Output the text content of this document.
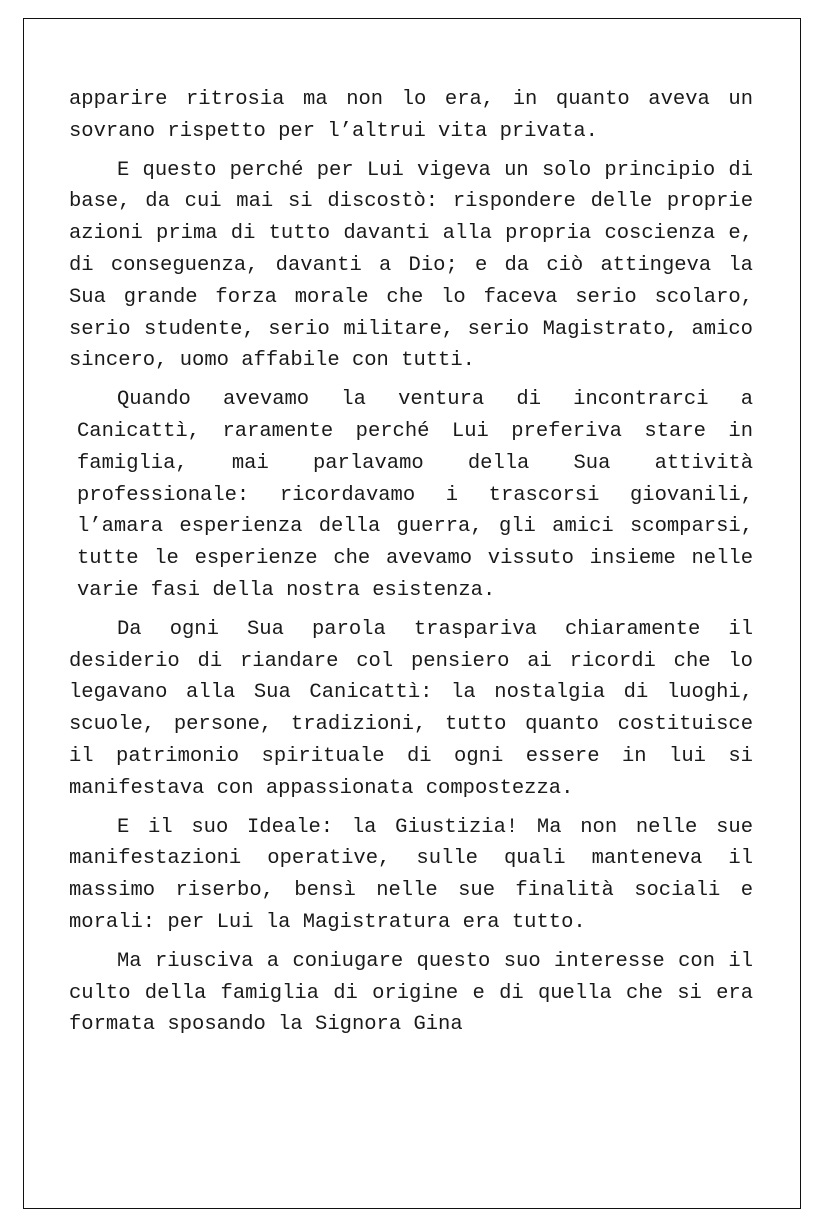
apparire ritrosia ma non lo era, in quanto aveva un sovrano rispetto per l’altrui vita privata.

E questo perché per Lui vigeva un solo principio di base, da cui mai si discostò: rispondere delle proprie azioni prima di tutto davanti alla propria coscienza e, di conseguenza, davanti a Dio; e da ciò attingeva la Sua grande forza morale che lo faceva serio scolaro, serio studente, serio militare, serio Magistrato, amico sincero, uomo affabile con tutti.

Quando avevamo la ventura di incontrarci a Canicattì, raramente perché Lui preferiva stare in famiglia, mai parlavamo della Sua attività professionale: ricordavamo i trascorsi giovanili, l’amara esperienza della guerra, gli amici scomparsi, tutte le esperienze che avevamo vissuto insieme nelle varie fasi della nostra esistenza.

Da ogni Sua parola traspariva chiaramente il desiderio di riandare col pensiero ai ricordi che lo legavano alla Sua Canicattì: la nostalgia di luoghi, scuole, persone, tradizioni, tutto quanto costituisce il patrimonio spirituale di ogni essere in lui si manifestava con appassionata compostezza.

E il suo Ideale: la Giustizia! Ma non nelle sue manifestazioni operative, sulle quali manteneva il massimo riserbo, bensì nelle sue finalità sociali e morali: per Lui la Magistratura era tutto.

Ma riusciva a coniugare questo suo interesse con il culto della famiglia di origine e di quella che si era formata sposando la Signora Gina
